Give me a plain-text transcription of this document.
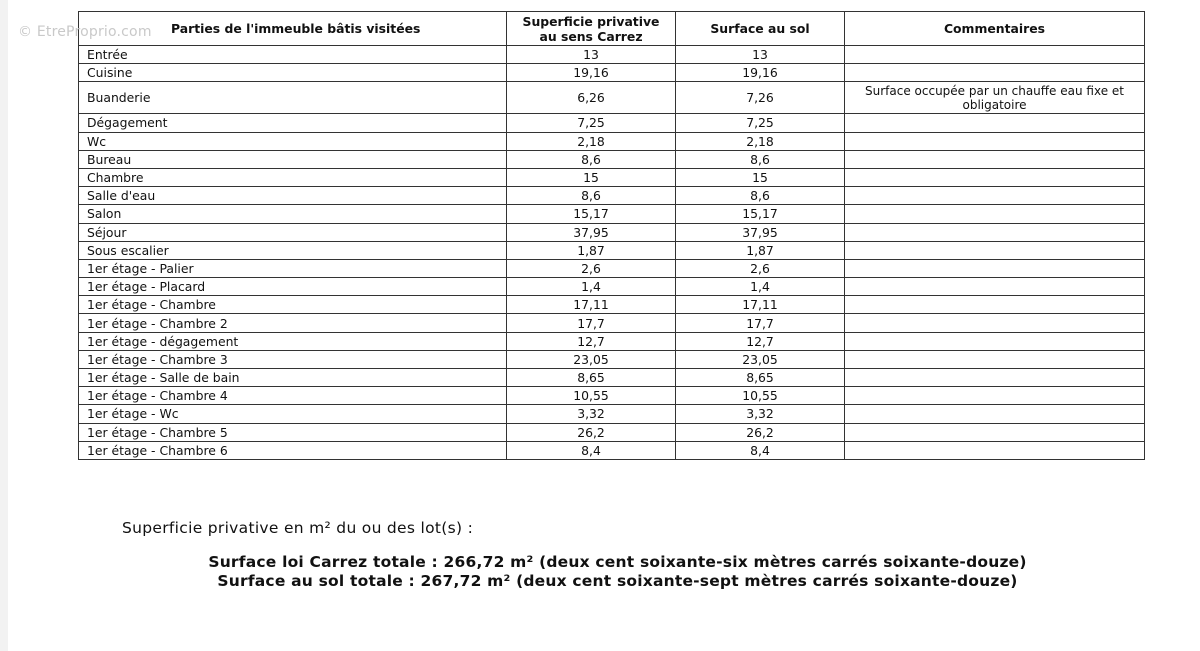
© EtreProprio.com Parties de l'immeuble bâtis visitées	Superficie privative au sens Carrez	Surface au sol	Commentaires
Entrée	13	13	
Cuisine	19,16	19,16	
Buanderie	6,26	7,26	Surface occupée par un chauffe eau fixe et obligatoire
Dégagement	7,25	7,25	
Wc	2,18	2,18	
Bureau	8,6	8,6	
Chambre	15	15	
Salle d'eau	8,6	8,6	
Salon	15,17	15,17	
Séjour	37,95	37,95	
Sous escalier	1,87	1,87	
1er étage - Palier	2,6	2,6	
1er étage - Placard	1,4	1,4	
1er étage - Chambre	17,11	17,11	
1er étage - Chambre 2	17,7	17,7	
1er étage - dégagement	12,7	12,7	
1er étage - Chambre 3	23,05	23,05	
1er étage - Salle de bain	8,65	8,65	
1er étage - Chambre 4	10,55	10,55	
1er étage - Wc	3,32	3,32	
1er étage - Chambre 5	26,2	26,2	
1er étage - Chambre 6	8,4	8,4	
Superficie privative en m² du ou des lot(s) :
Surface loi Carrez totale : 266,72 m² (deux cent soixante-six mètres carrés soixante-douze)
Surface au sol totale : 267,72 m² (deux cent soixante-sept mètres carrés soixante-douze)
